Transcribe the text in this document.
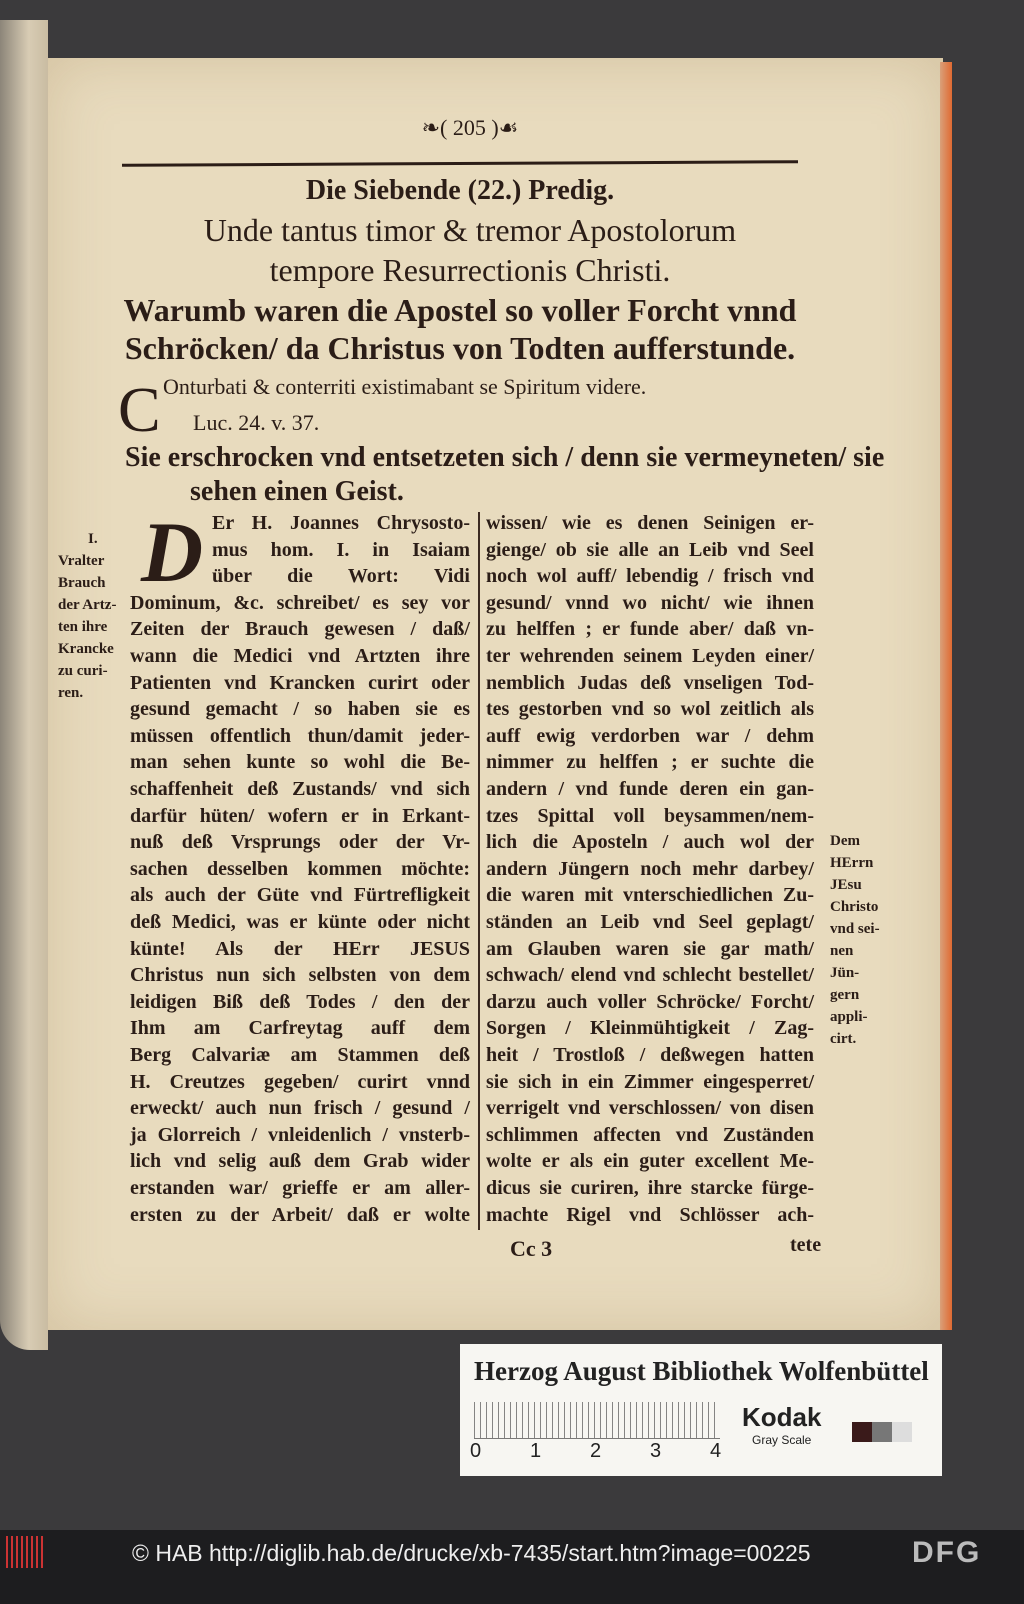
❧( 205 )☙
Die Siebende (22.) Predig.
Unde tantus timor & tremor Apostolorum
tempore Resurrectionis Christi.
Warumb waren die Apostel so voller Forcht vnnd
Schröcken/ da Christus von Todten aufferstunde.
C Onturbati & conterriti existimabant se Spiritum videre.
Luc. 24. v. 37.
Sie erschrocken vnd entsetzeten sich / denn sie vermeyneten/ sie
sehen einen Geist.
D
Cc 3	tete
Herzog August Bibliothek Wolfenbüttel
0 1 2 3 4
Kodak
Gray Scale
© HAB http://diglib.hab.de/drucke/xb-7435/start.htm?image=00225	DFG
Er H. Joannes Chrysosto-
mus hom. I. in Isaiam
über die Wort: Vidi
Dominum, &c. schreibet/ es sey vor
Zeiten der Brauch gewesen / daß/
wann die Medici vnd Artzten ihre
Patienten vnd Krancken curirt oder
gesund gemacht / so haben sie es
müssen offentlich thun/damit jeder-
man sehen kunte so wohl die Be-
schaffenheit deß Zustands/ vnd sich
darfür hüten/ wofern er in Erkant-
nuß deß Vrsprungs oder der Vr-
sachen desselben kommen möchte:
als auch der Güte vnd Fürtrefligkeit
deß Medici, was er künte oder nicht
künte! Als der HErr JESUS
Christus nun sich selbsten von dem
leidigen Biß deß Todes / den der
Ihm am Carfreytag auff dem
Berg Calvariæ am Stammen deß
H. Creutzes gegeben/ curirt vnnd
erweckt/ auch nun frisch / gesund /
ja Glorreich / vnleidenlich / vnsterb-
lich vnd selig auß dem Grab wider
erstanden war/ grieffe er am aller-
ersten zu der Arbeit/ daß er wolte
wissen/ wie es denen Seinigen er-
gienge/ ob sie alle an Leib vnd Seel
noch wol auff/ lebendig / frisch vnd
gesund/ vnnd wo nicht/ wie ihnen
zu helffen ; er funde aber/ daß vn-
ter wehrenden seinem Leyden einer/
nemblich Judas deß vnseligen Tod-
tes gestorben vnd so wol zeitlich als
auff ewig verdorben war / dehm
nimmer zu helffen ; er suchte die
andern / vnd funde deren ein gan-
tzes Spittal voll beysammen/nem-
lich die Aposteln / auch wol der
andern Jüngern noch mehr darbey/
die waren mit vnterschiedlichen Zu-
ständen an Leib vnd Seel geplagt/
am Glauben waren sie gar math/
schwach/ elend vnd schlecht bestellet/
darzu auch voller Schröcke/ Forcht/
Sorgen / Kleinmühtigkeit / Zag-
heit / Trostloß / deßwegen hatten
sie sich in ein Zimmer eingesperret/
verrigelt vnd verschlossen/ von disen
schlimmen affecten vnd Zuständen
wolte er als ein guter excellent Me-
dicus sie curiren, ihre starcke fürge-
machte Rigel vnd Schlösser ach-
I.
Vralter
Brauch
der Artz-
ten ihre
Krancke
zu curi-
ren.
Dem
HErrn
JEsu
Christo
vnd sei-
nen
Jün-
gern
appli-
cirt.
